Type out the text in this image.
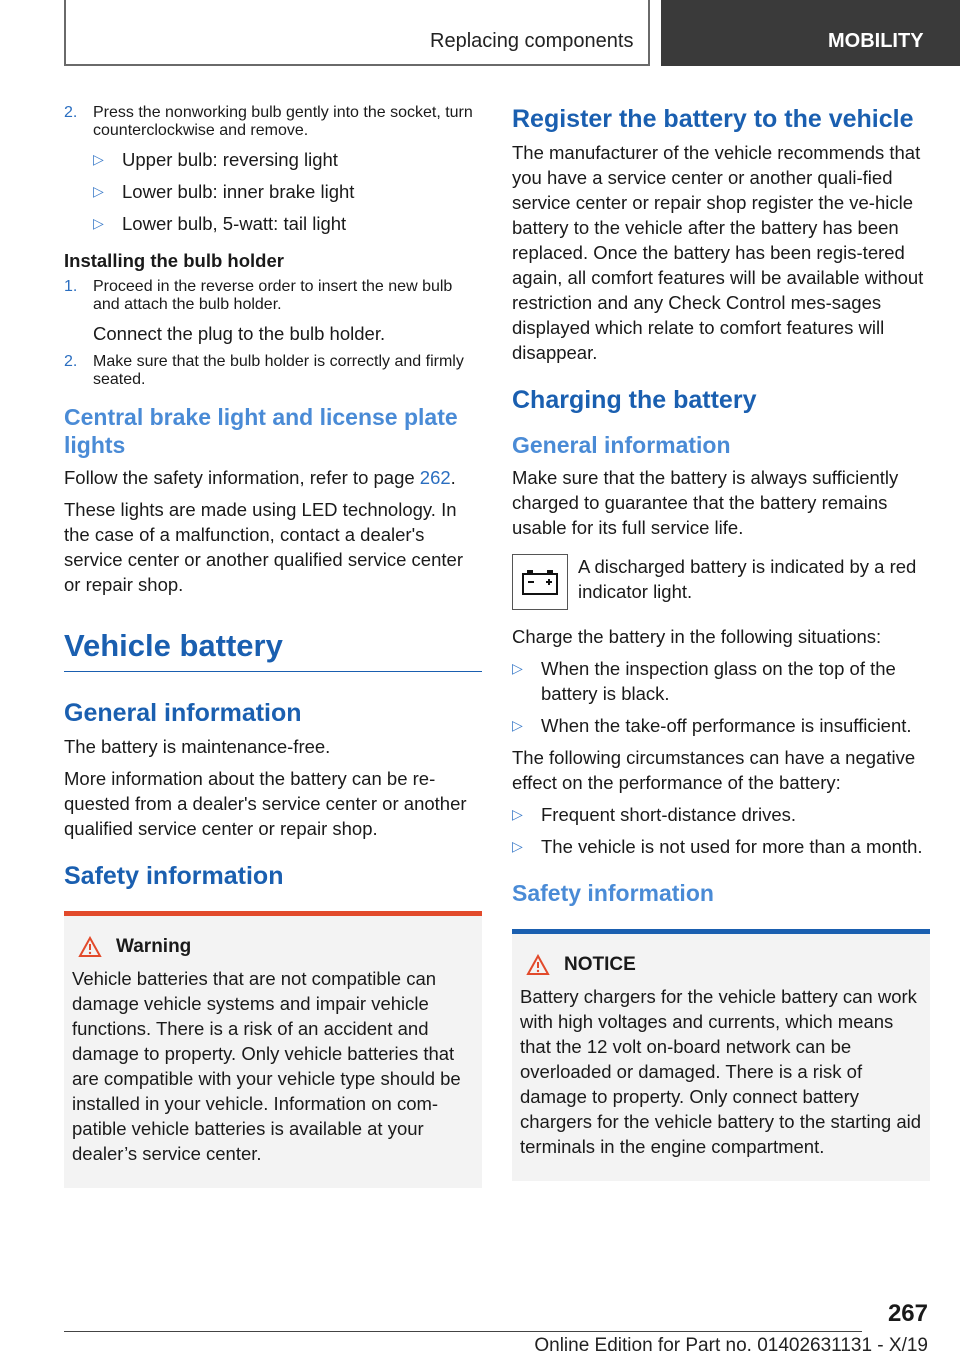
Replacing components	MOBILITY
2. Press the nonworking bulb gently into the socket, turn counterclockwise and remove.
▷ Upper bulb: reversing light
▷ Lower bulb: inner brake light
▷ Lower bulb, 5-watt: tail light
Installing the bulb holder
1. Proceed in the reverse order to insert the new bulb and attach the bulb holder.

Connect the plug to the bulb holder.

2. Make sure that the bulb holder is correctly and firmly seated.
Central brake light and license plate lights

Follow the safety information, refer to page 262.

These lights are made using LED technology. In the case of a malfunction, contact a dealer's service center or another qualified service center or repair shop.

Vehicle battery
General information

The battery is maintenance-free.

More information about the battery can be re-quested from a dealer's service center or another qualified service center or repair shop.

Safety information
Warning

Vehicle batteries that are not compatible can damage vehicle systems and impair vehicle functions. There is a risk of an accident and damage to property. Only vehicle batteries that are compatible with your vehicle type should be installed in your vehicle. Information on com-patible vehicle batteries is available at your dealer’s service center.

Register the battery to the vehicle

The manufacturer of the vehicle recommends that you have a service center or another quali-fied service center or repair shop register the ve-hicle battery to the vehicle after the battery has been replaced. Once the battery has been regis-tered again, all comfort features will be available without restriction and any Check Control mes-sages displayed which relate to comfort features will disappear.

Charging the battery
General information

Make sure that the battery is always sufficiently charged to guarantee that the battery remains usable for its full service life.

A discharged battery is indicated by a red indicator light.

Charge the battery in the following situations:

▷ When the inspection glass on the top of the battery is black.
▷ When the take-off performance is insufficient.

The following circumstances can have a negative effect on the performance of the battery:

▷ Frequent short-distance drives.
▷ The vehicle is not used for more than a month.
Safety information
NOTICE

Battery chargers for the vehicle battery can work with high voltages and currents, which means that the 12 volt on-board network can be overloaded or damaged. There is a risk of damage to property. Only connect battery chargers for the vehicle battery to the starting aid terminals in the engine compartment.

267
Online Edition for Part no. 01402631131 - X/19
